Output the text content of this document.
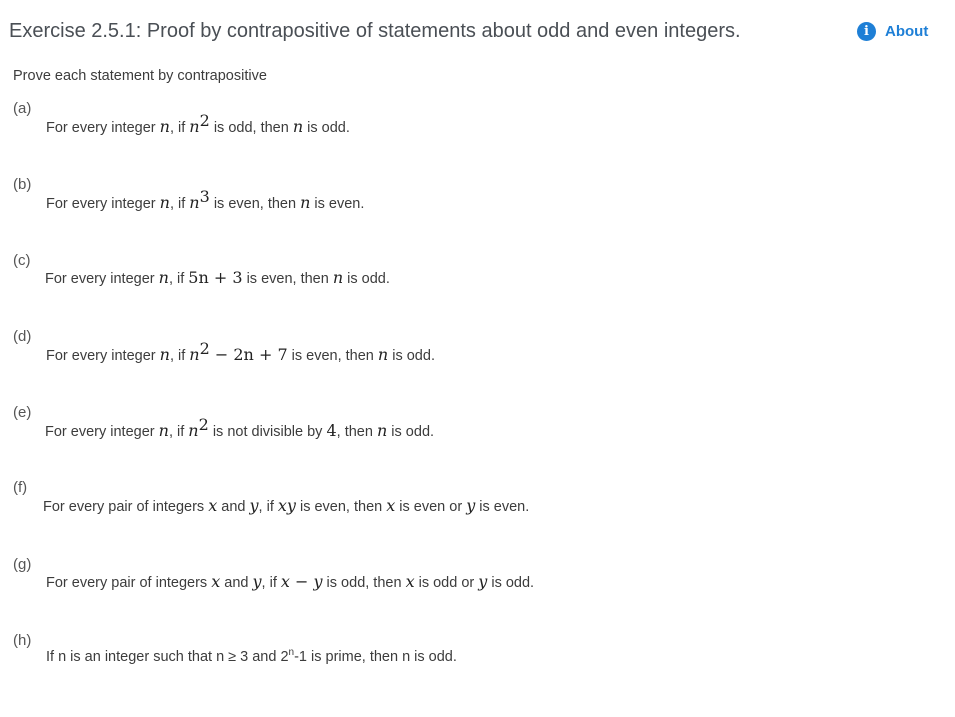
Exercise 2.5.1: Proof by contrapositive of statements about odd and even integers.	i	About
Prove each statement by contrapositive
(a)
For every integer n, if $n^2$ is odd, then n is odd.
(b)
For every integer n, if $n^3$ is even, then n is even.
(c)
For every integer n, if 5n + 3 is even, then n is odd.
(d)
For every integer n, if $n^2 - 2n + 7$ is even, then n is odd.
(e)
For every integer n, if $n^2$ is not divisible by 4, then n is odd.
(f)
For every pair of integers x and y, if xy is even, then x is even or y is even.
(g)
For every pair of integers x and y, if x − y is odd, then x is odd or y is odd.
(h)
If n is an integer such that n ≥ 3 and 2$^n$-1 is prime, then n is odd.
